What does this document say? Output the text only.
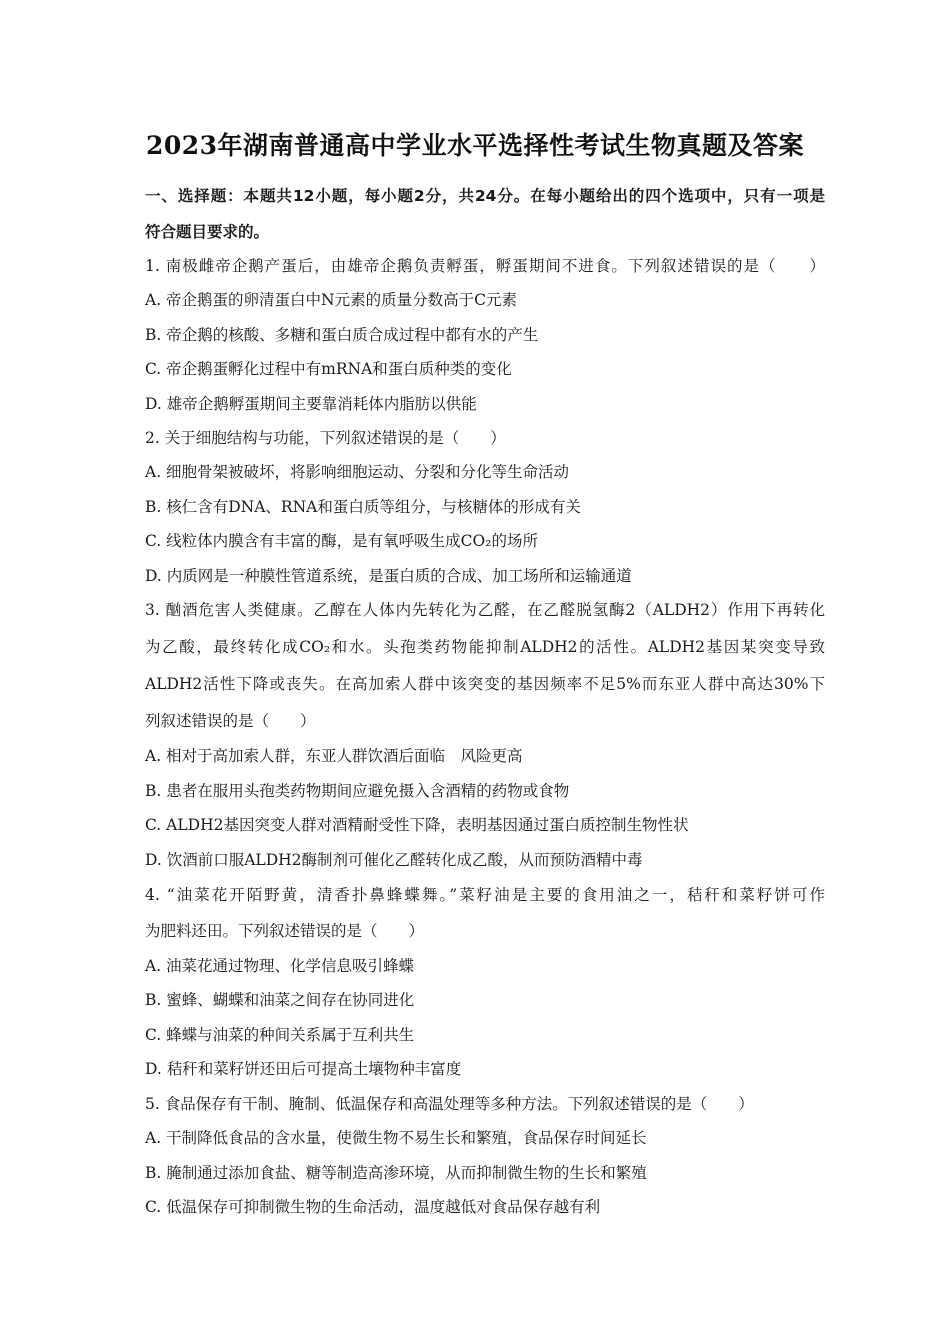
2023年湖南普通高中学业水平选择性考试生物真题及答案
一、选择题：本题共12小题，每小题2分，共24分。在每小题给出的四个选项中，只有一项是
符合题目要求的。
1. 南极雌帝企鹅产蛋后，由雄帝企鹅负责孵蛋，孵蛋期间不进食。下列叙述错误的是（　　）
A. 帝企鹅蛋的卵清蛋白中N元素的质量分数高于C元素
B. 帝企鹅的核酸、多糖和蛋白质合成过程中都有水的产生
C. 帝企鹅蛋孵化过程中有mRNA和蛋白质种类的变化
D. 雄帝企鹅孵蛋期间主要靠消耗体内脂肪以供能
2. 关于细胞结构与功能，下列叙述错误的是（　　）
A. 细胞骨架被破坏，将影响细胞运动、分裂和分化等生命活动
B. 核仁含有DNA、RNA和蛋白质等组分，与核糖体的形成有关
C. 线粒体内膜含有丰富的酶，是有氧呼吸生成CO₂的场所
D. 内质网是一种膜性管道系统，是蛋白质的合成、加工场所和运输通道
3. 酗酒危害人类健康。乙醇在人体内先转化为乙醛，在乙醛脱氢酶2（ALDH2）作用下再转化
为乙酸，最终转化成CO₂和水。头孢类药物能抑制ALDH2的活性。ALDH2基因某突变导致
ALDH2活性下降或丧失。在高加索人群中该突变的基因频率不足5%而东亚人群中高达30%下
列叙述错误的是（　　）
A. 相对于高加索人群，东亚人群饮酒后面临　风险更高
B. 患者在服用头孢类药物期间应避免摄入含酒精的药物或食物
C. ALDH2基因突变人群对酒精耐受性下降，表明基因通过蛋白质控制生物性状
D. 饮酒前口服ALDH2酶制剂可催化乙醛转化成乙酸，从而预防酒精中毒
4. “油菜花开陌野黄，清香扑鼻蜂蝶舞。”菜籽油是主要的食用油之一，秸秆和菜籽饼可作
为肥料还田。下列叙述错误的是（　　）
A. 油菜花通过物理、化学信息吸引蜂蝶
B. 蜜蜂、蝴蝶和油菜之间存在协同进化
C. 蜂蝶与油菜的种间关系属于互利共生
D. 秸秆和菜籽饼还田后可提高土壤物种丰富度
5. 食品保存有干制、腌制、低温保存和高温处理等多种方法。下列叙述错误的是（　　）
A. 干制降低食品的含水量，使微生物不易生长和繁殖，食品保存时间延长
B. 腌制通过添加食盐、糖等制造高渗环境，从而抑制微生物的生长和繁殖
C. 低温保存可抑制微生物的生命活动，温度越低对食品保存越有利
